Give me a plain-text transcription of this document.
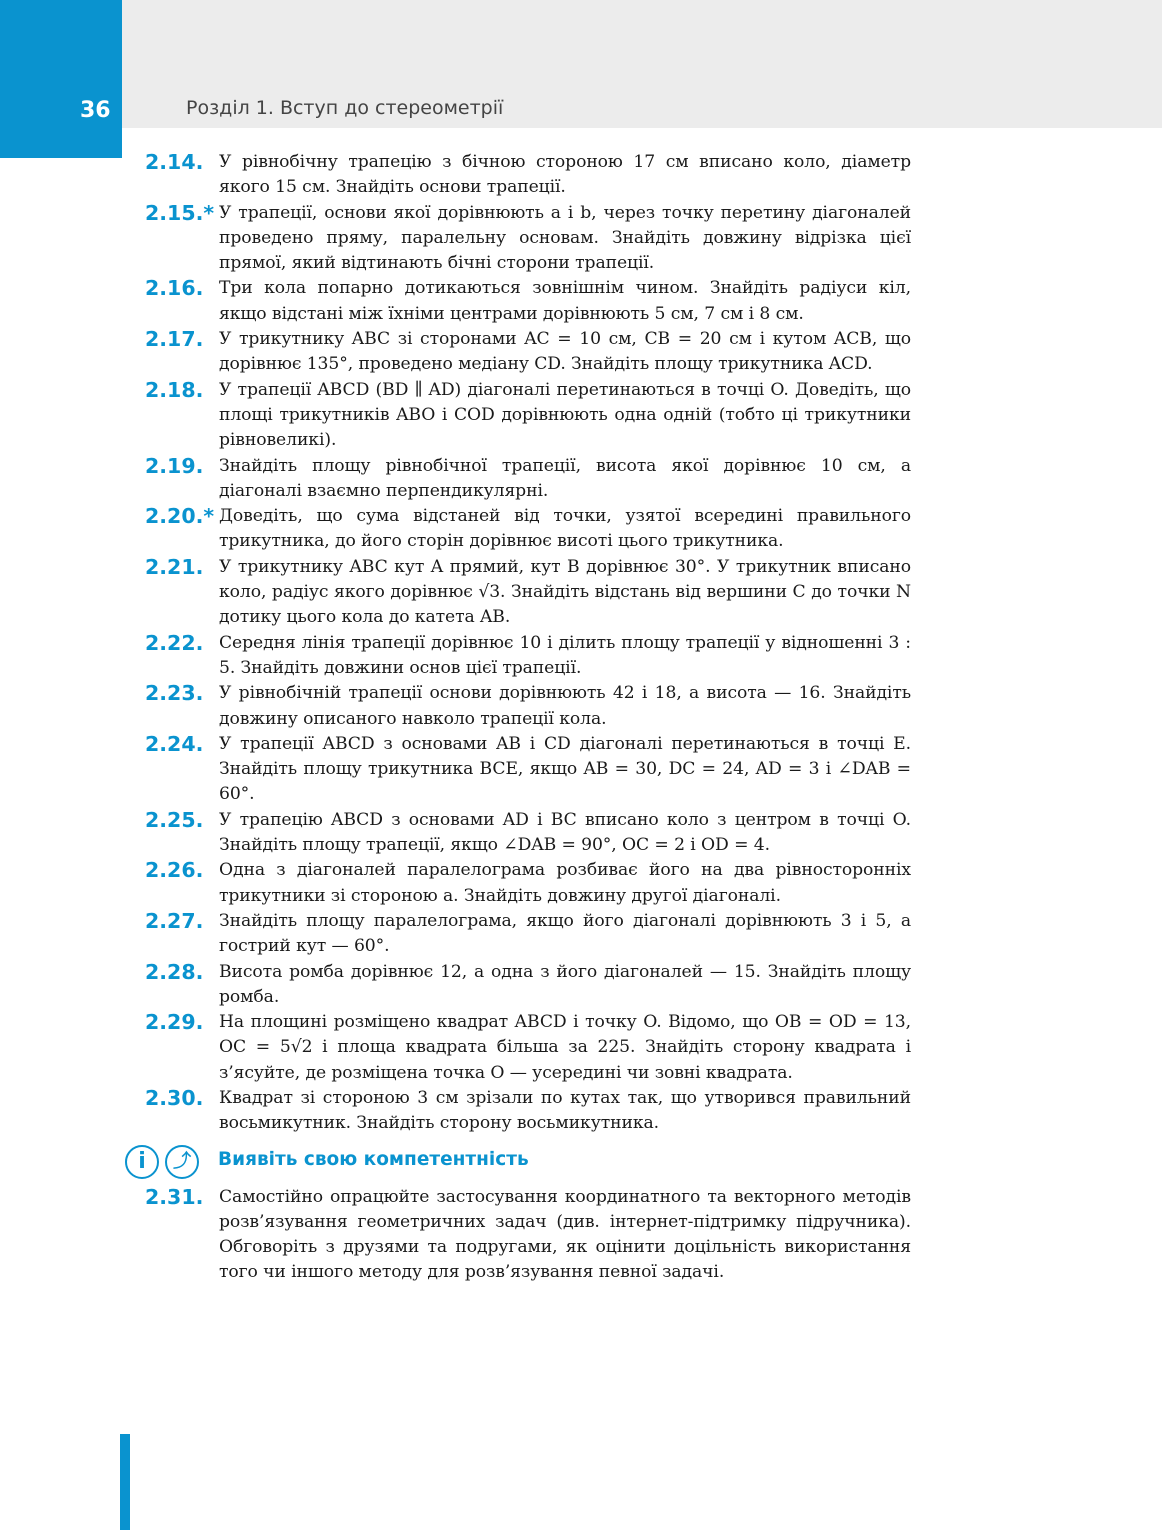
36	Розділ 1. Вступ до стереометрії
2.14. У рівнобічну трапецію з бічною стороною 17 см вписано коло, діаметр якого 15 см. Знайдіть основи трапеції.
2.15.* У трапеції, основи якої дорівнюють a і b, через точку перетину діагоналей проведено пряму, паралельну основам. Знайдіть довжину відрізка цієї прямої, який відтинають бічні сторони трапеції.
2.16. Три кола попарно дотикаються зовнішнім чином. Знайдіть радіуси кіл, якщо відстані між їхніми центрами дорівнюють 5 см, 7 см і 8 см.
2.17. У трикутнику ABC зі сторонами AC = 10 см, CB = 20 см і кутом ACB, що дорівнює 135°, проведено медіану CD. Знайдіть площу трикутника ACD.
2.18. У трапеції ABCD (BD ∥ AD) діагоналі перетинаються в точці O. Доведіть, що площі трикутників ABO і COD дорівнюють одна одній (тобто ці трикутники рівновеликі).
2.19. Знайдіть площу рівнобічної трапеції, висота якої дорівнює 10 см, а діагоналі взаємно перпендикулярні.
2.20.* Доведіть, що сума відстаней від точки, узятої всередині правильного трикутника, до його сторін дорівнює висоті цього трикутника.
2.21. У трикутнику ABC кут A прямий, кут B дорівнює 30°. У трикутник вписано коло, радіус якого дорівнює √3. Знайдіть відстань від вершини C до точки N дотику цього кола до катета AB.
2.22. Середня лінія трапеції дорівнює 10 і ділить площу трапеції у відношенні 3 : 5. Знайдіть довжини основ цієї трапеції.
2.23. У рівнобічній трапеції основи дорівнюють 42 і 18, а висота — 16. Знайдіть довжину описаного навколо трапеції кола.
2.24. У трапеції ABCD з основами AB і CD діагоналі перетинаються в точці E. Знайдіть площу трикутника BCE, якщо AB = 30, DC = 24, AD = 3 і ∠DAB = 60°.
2.25. У трапецію ABCD з основами AD і BC вписано коло з центром в точці O. Знайдіть площу трапеції, якщо ∠DAB = 90°, OC = 2 і OD = 4.
2.26. Одна з діагоналей паралелограма розбиває його на два рівносторонніх трикутники зі стороною a. Знайдіть довжину другої діагоналі.
2.27. Знайдіть площу паралелограма, якщо його діагоналі дорівнюють 3 і 5, а гострий кут — 60°.
2.28. Висота ромба дорівнює 12, а одна з його діагоналей — 15. Знайдіть площу ромба.
2.29. На площині розміщено квадрат ABCD і точку O. Відомо, що OB = OD = 13, OC = 5√2 і площа квадрата більша за 225. Знайдіть сторону квадрата і з’ясуйте, де розміщена точка O — усередині чи зовні квадрата.
2.30. Квадрат зі стороною 3 см зрізали по кутах так, що утворився правильний восьмикутник. Знайдіть сторону восьмикутника.
i	⤴	Виявіть свою компетентність
2.31. Самостійно опрацюйте застосування координатного та векторного методів розв’язування геометричних задач (див. інтернет-підтримку підручника). Обговоріть з друзями та подругами, як оцінити доцільність використання того чи іншого методу для розв’язування певної задачі.
